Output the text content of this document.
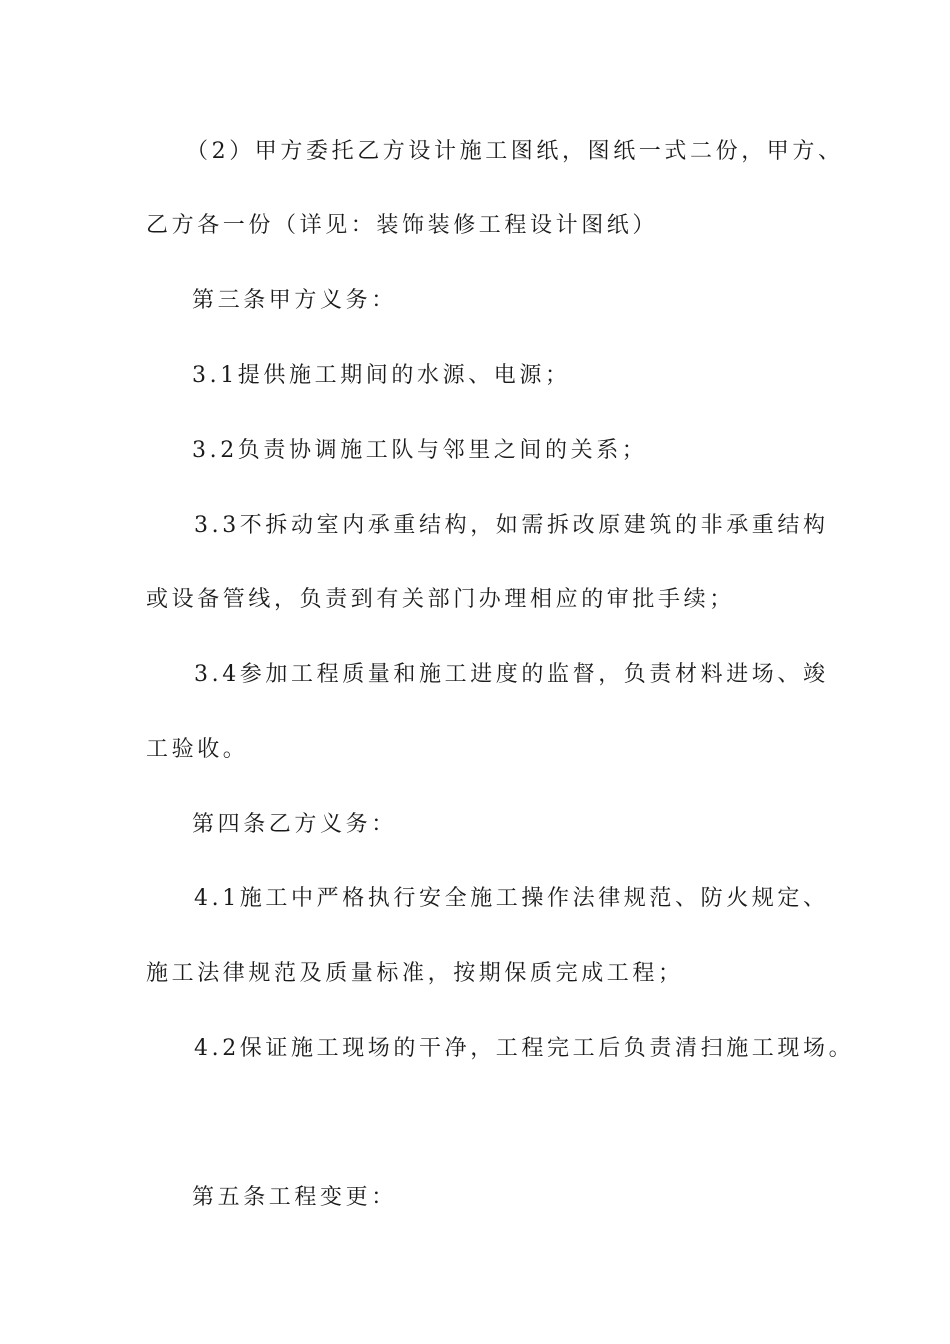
（2）甲方委托乙方设计施工图纸，图纸一式二份，甲方、
乙方各一份（详见：装饰装修工程设计图纸）
第三条甲方义务：
3.1提供施工期间的水源、电源；
3.2负责协调施工队与邻里之间的关系；
3.3不拆动室内承重结构，如需拆改原建筑的非承重结构
或设备管线，负责到有关部门办理相应的审批手续；
3.4参加工程质量和施工进度的监督，负责材料进场、竣
工验收。
第四条乙方义务：
4.1施工中严格执行安全施工操作法律规范、防火规定、
施工法律规范及质量标准，按期保质完成工程；
4.2保证施工现场的干净，工程完工后负责清扫施工现场。
第五条工程变更：
